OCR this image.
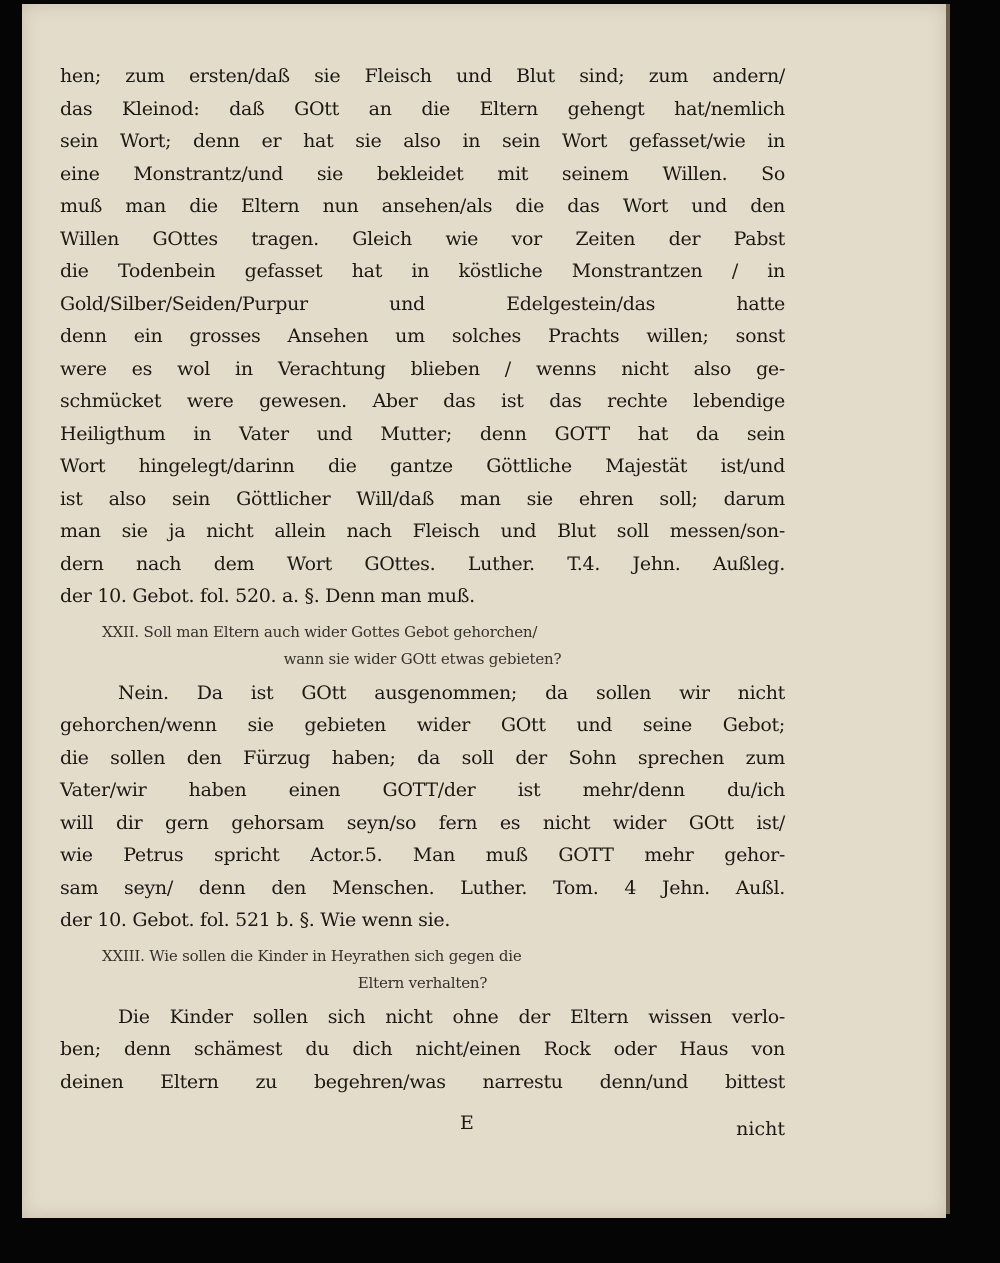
hen; zum ersten/daß sie Fleisch und Blut sind; zum andern/
das Kleinod: daß GOtt an die Eltern gehengt hat/nemlich
sein Wort; denn er hat sie also in sein Wort gefasset/wie in
eine Monstrantz/und sie bekleidet mit seinem Willen. So
muß man die Eltern nun ansehen/als die das Wort und den
Willen GOttes tragen. Gleich wie vor Zeiten der Pabst
die Todenbein gefasset hat in köstliche Monstrantzen / in
Gold/Silber/Seiden/Purpur und Edelgestein/das hatte
denn ein grosses Ansehen um solches Prachts willen; sonst
were es wol in Verachtung blieben / wenns nicht also ge-
schmücket were gewesen. Aber das ist das rechte lebendige
Heiligthum in Vater und Mutter; denn GOTT hat da sein
Wort hingelegt/darinn die gantze Göttliche Majestät ist/und
ist also sein Göttlicher Will/daß man sie ehren soll; darum
man sie ja nicht allein nach Fleisch und Blut soll messen/son-
dern nach dem Wort GOttes. Luther. T.4. Jehn. Außleg.
der 10. Gebot. fol. 520. a. §. Denn man muß.
XXII. Soll man Eltern auch wider Gottes Gebot gehorchen/
wann sie wider GOtt etwas gebieten?
Nein. Da ist GOtt ausgenommen; da sollen wir nicht
gehorchen/wenn sie gebieten wider GOtt und seine Gebot;
die sollen den Fürzug haben; da soll der Sohn sprechen zum
Vater/wir haben einen GOTT/der ist mehr/denn du/ich
will dir gern gehorsam seyn/so fern es nicht wider GOtt ist/
wie Petrus spricht Actor.5. Man muß GOTT mehr gehor-
sam seyn/ denn den Menschen. Luther. Tom. 4 Jehn. Außl.
der 10. Gebot. fol. 521 b. §. Wie wenn sie.
XXIII. Wie sollen die Kinder in Heyrathen sich gegen die
Eltern verhalten?
Die Kinder sollen sich nicht ohne der Eltern wissen verlo-
ben; denn schämest du dich nicht/einen Rock oder Haus von
deinen Eltern zu begehren/was narrestu denn/und bittest
E	nicht
